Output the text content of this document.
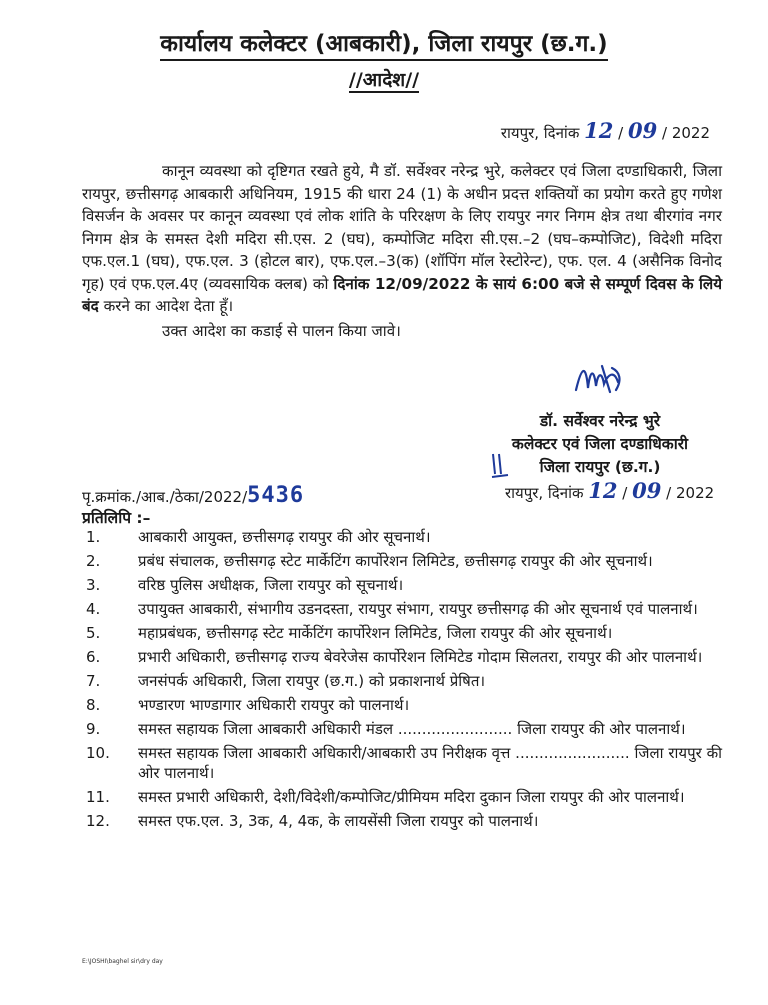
कार्यालय कलेक्टर (आबकारी), जिला रायपुर (छ.ग.)
//आदेश//
रायपुर, दिनांक 12 / 09 / 2022

कानून व्यवस्था को दृष्टिगत रखते हुये, मै डॉ. सर्वेश्वर नरेन्द्र भुरे, कलेक्टर एवं जिला दण्डाधिकारी, जिला रायपुर, छत्तीसगढ़ आबकारी अधिनियम, 1915 की धारा 24 (1) के अधीन प्रदत्त शक्तियों का प्रयोग करते हुए गणेश विसर्जन के अवसर पर कानून व्यवस्था एवं लोक शांति के परिरक्षण के लिए रायपुर नगर निगम क्षेत्र तथा बीरगांव नगर निगम क्षेत्र के समस्त देशी मदिरा सी.एस. 2 (घघ), कम्पोजिट मदिरा सी.एस.–2 (घघ–कम्पोजिट), विदेशी मदिरा एफ.एल.1 (घघ), एफ.एल. 3 (होटल बार), एफ.एल.–3(क) (शॉपिंग मॉल रेस्टोरेन्ट), एफ. एल. 4 (असैनिक विनोद गृह) एवं एफ.एल.4ए (व्यवसायिक क्लब) को दिनांक 12/09/2022 के सायं 6:00 बजे से सम्पूर्ण दिवस के लिये बंद करने का आदेश देता हूँ।

उक्त आदेश का कडाई से पालन किया जावे।

डॉ. सर्वेश्वर नरेन्द्र भुरे
कलेक्टर एवं जिला दण्डाधिकारी
जिला रायपुर (छ.ग.)
पृ.क्रमांक./आब./ठेका/2022/5436	रायपुर, दिनांक 12 / 09 / 2022
प्रतिलिपि :–
1.	आबकारी आयुक्त, छत्तीसगढ़ रायपुर की ओर सूचनार्थ।
2.	प्रबंध संचालक, छत्तीसगढ़ स्टेट मार्केटिंग कार्पोरेशन लिमिटेड, छत्तीसगढ़ रायपुर की ओर सूचनार्थ।
3.	वरिष्ठ पुलिस अधीक्षक, जिला रायपुर को सूचनार्थ।
4.	उपायुक्त आबकारी, संभागीय उडनदस्ता, रायपुर संभाग, रायपुर छत्तीसगढ़ की ओर सूचनार्थ एवं पालनार्थ।
5.	महाप्रबंधक, छत्तीसगढ़ स्टेट मार्केटिंग कार्पोरेशन लिमिटेड, जिला रायपुर की ओर सूचनार्थ।
6.	प्रभारी अधिकारी, छत्तीसगढ़ राज्य बेवरेजेस कार्पोरेशन लिमिटेड गोदाम सिलतरा, रायपुर की ओर पालनार्थ।
7.	जनसंपर्क अधिकारी, जिला रायपुर (छ.ग.) को प्रकाशनार्थ प्रेषित।
8.	भण्डारण भाण्डागार अधिकारी रायपुर को पालनार्थ।
9.	समस्त सहायक जिला आबकारी अधिकारी मंडल ........................ जिला रायपुर की ओर पालनार्थ।
10.	समस्त सहायक जिला आबकारी अधिकारी/आबकारी उप निरीक्षक वृत्त ........................ जिला रायपुर की ओर पालनार्थ।
11.	समस्त प्रभारी अधिकारी, देशी/विदेशी/कम्पोजिट/प्रीमियम मदिरा दुकान जिला रायपुर की ओर पालनार्थ।
12.	समस्त एफ.एल. 3, 3क, 4, 4क, के लायसेंसी जिला रायपुर को पालनार्थ।
E:\JOSHI\baghel sir\dry day
